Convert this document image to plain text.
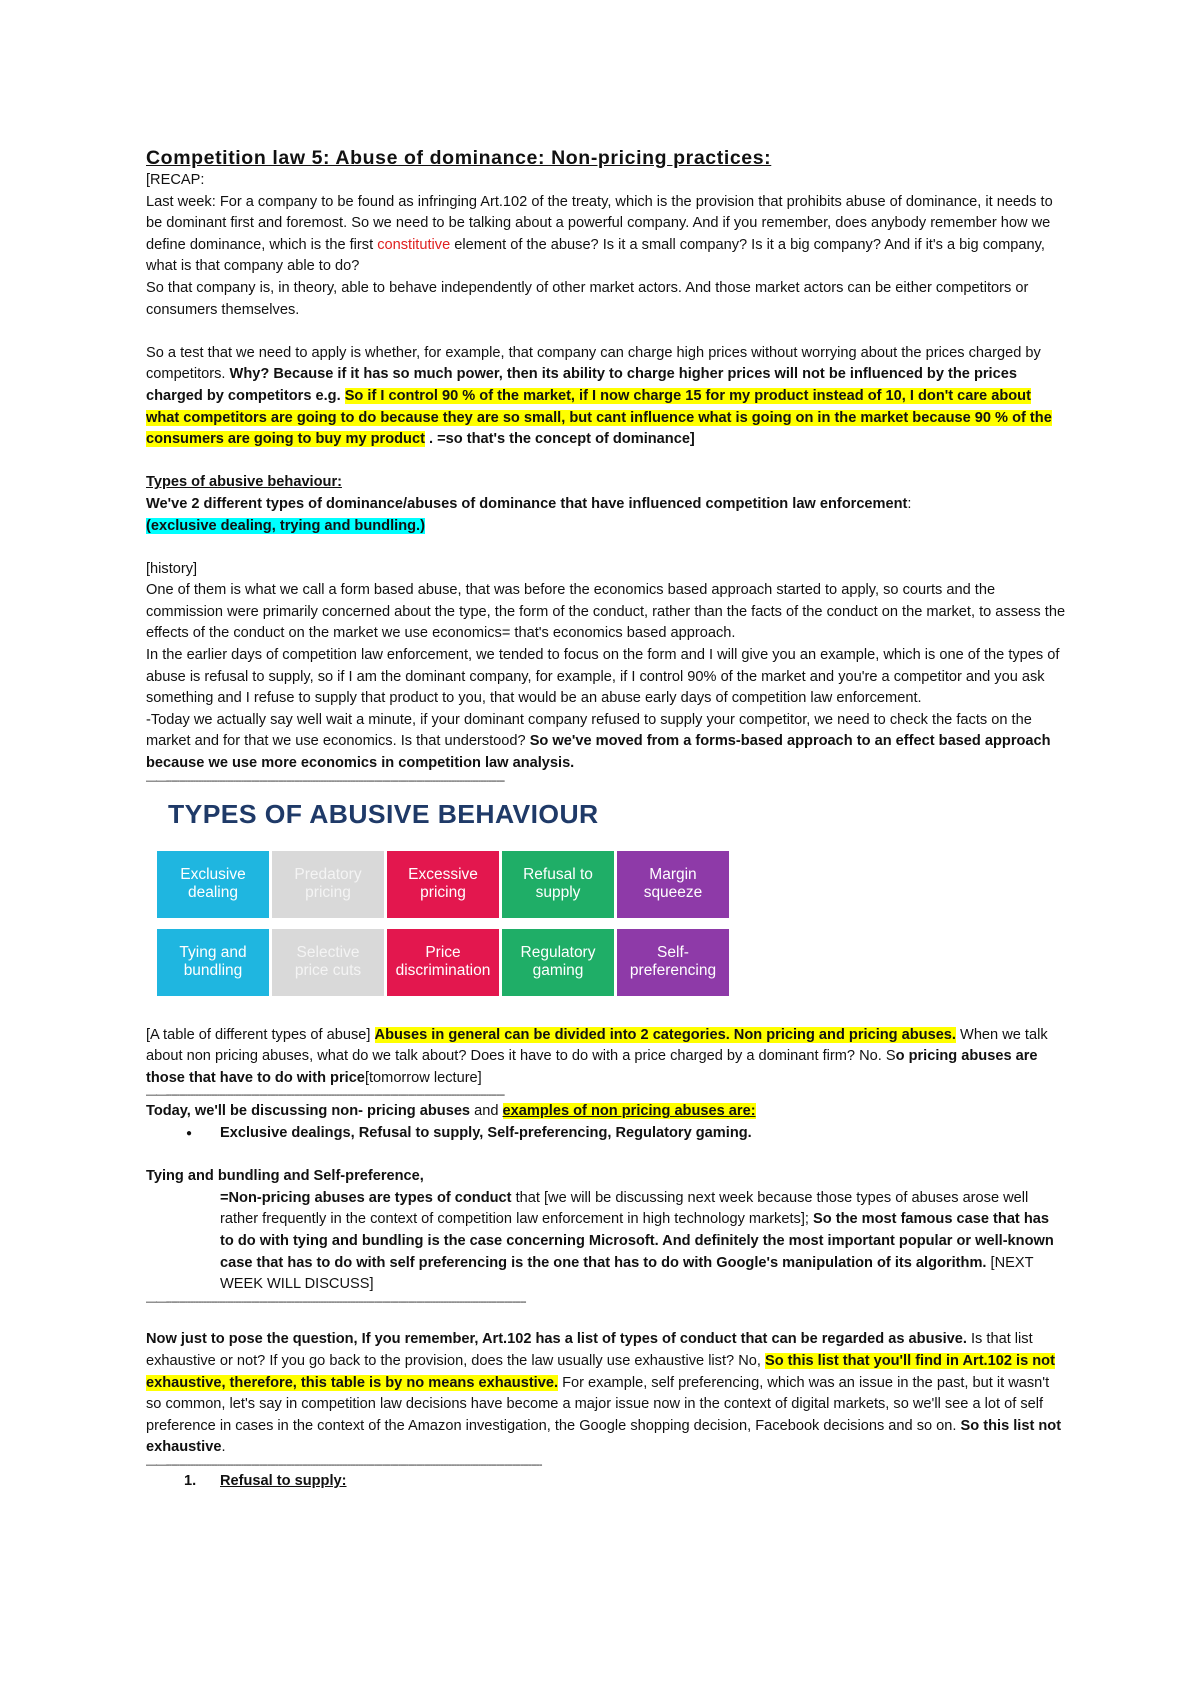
Competition law 5: Abuse of dominance: Non-pricing practices:

[RECAP:

Last week: For a company to be found as infringing Art.102 of the treaty, which is the provision that prohibits abuse of dominance, it needs to be dominant first and foremost. So we need to be talking about a powerful company. And if you remember, does anybody remember how we define dominance, which is the first constitutive element of the abuse? Is it a small company? Is it a big company? And if it's a big company, what is that company able to do?

So that company is, in theory, able to behave independently of other market actors. And those market actors can be either competitors or consumers themselves.

So a test that we need to apply is whether, for example, that company can charge high prices without worrying about the prices charged by competitors. Why? Because if it has so much power, then its ability to charge higher prices will not be influenced by the prices charged by competitors e.g. So if I control 90 % of the market, if I now charge 15 for my product instead of 10, I don't care about what competitors are going to do because they are so small, but cant influence what is going on in the market because 90 % of the consumers are going to buy my product . =so that's the concept of dominance]

Types of abusive behaviour:

We've 2 different types of dominance/abuses of dominance that have influenced competition law enforcement:

(exclusive dealing, trying and bundling.)

[history]

One of them is what we call a form based abuse, that was before the economics based approach started to apply, so courts and the commission were primarily concerned about the type, the form of the conduct, rather than the facts of the conduct on the market, to assess the effects of the conduct on the market we use economics= that's economics based approach.

In the earlier days of competition law enforcement, we tended to focus on the form and I will give you an example, which is one of the types of abuse is refusal to supply, so if I am the dominant company, for example, if I control 90% of the market and you're a competitor and you ask something and I refuse to supply that product to you, that would be an abuse early days of competition law enforcement.

-Today we actually say well wait a minute, if your dominant company refused to supply your competitor, we need to check the facts on the market and for that we use economics. Is that understood? So we've moved from a forms-based approach to an effect based approach because we use more economics in competition law analysis.

——-------------------------------------------------------------------------------------------------------------------------------

TYPES OF ABUSIVE BEHAVIOUR

Exclusive
dealing
Predatory
pricing
Excessive
pricing
Refusal to
supply
Margin
squeeze
Tying and
bundling
Selective
price cuts
Price
discrimination
Regulatory
gaming
Self-
preferencing

[A table of different types of abuse] Abuses in general can be divided into 2 categories. Non pricing and pricing abuses. When we talk about non pricing abuses, what do we talk about? Does it have to do with a price charged by a dominant firm? No. So pricing abuses are those that have to do with price[tomorrow lecture]

——-------------------------------------------------------------------------------------------------------------------------------

Today, we'll be discussing non- pricing abuses and examples of non pricing abuses are:

● Exclusive dealings, Refusal to supply, Self-preferencing, Regulatory gaming.

Tying and bundling and Self-preference,

=Non-pricing abuses are types of conduct that [we will be discussing next week because those types of abuses arose well rather frequently in the context of competition law enforcement in high technology markets]; So the most famous case that has to do with tying and bundling is the case concerning Microsoft. And definitely the most important popular or well-known case that has to do with self preferencing is the one that has to do with Google's manipulation of its algorithm. [NEXT WEEK WILL DISCUSS]

——---------------------------------------------------------------------------------------------------------------------------------------

Now just to pose the question, If you remember, Art.102 has a list of types of conduct that can be regarded as abusive. Is that list exhaustive or not? If you go back to the provision, does the law usually use exhaustive list? No, So this list that you'll find in Art.102 is not exhaustive, therefore, this table is by no means exhaustive. For example, self preferencing, which was an issue in the past, but it wasn't so common, let's say in competition law decisions have become a major issue now in the context of digital markets, so we'll see a lot of self preference in cases in the context of the Amazon investigation, the Google shopping decision, Facebook decisions and so on. So this list not exhaustive.

——---------------------------------------------------------------------------------------------------------------------------------------------

1. Refusal to supply:
